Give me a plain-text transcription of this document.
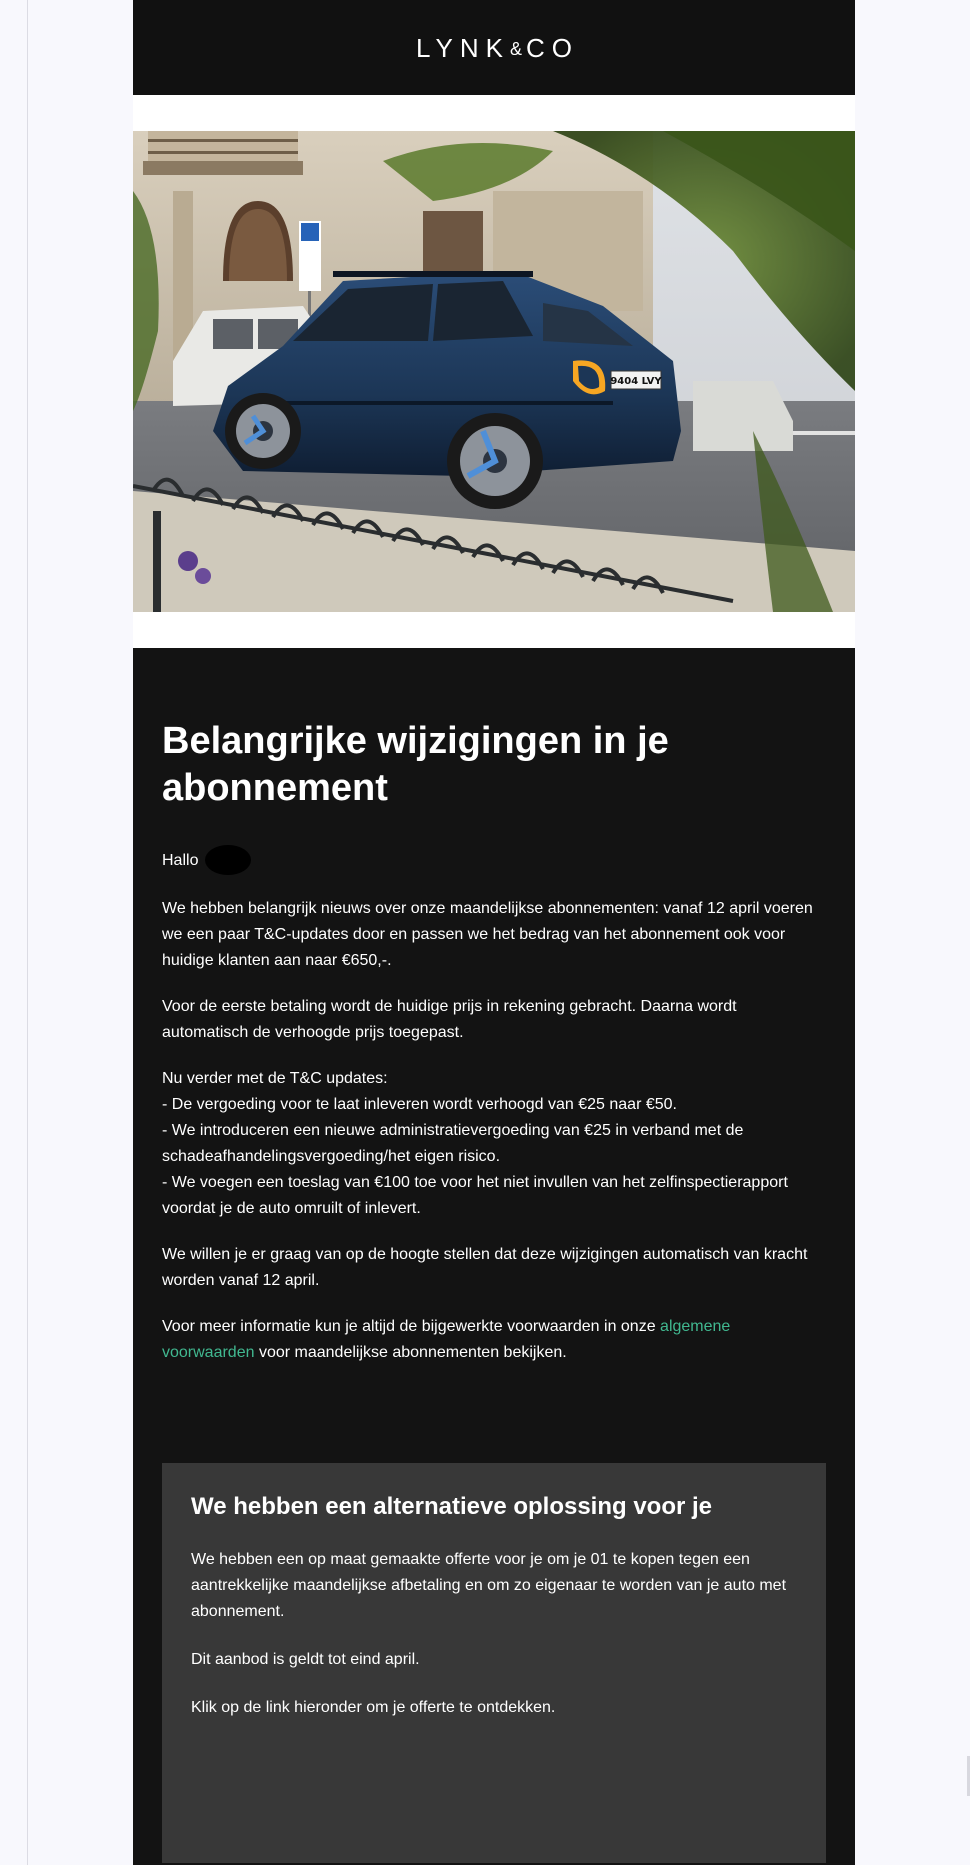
LYNK&CO
9404 LVY
Belangrijke wijzigingen in je abonnement

Hallo

We hebben belangrijk nieuws over onze maandelijkse abonnementen: vanaf 12 april voeren we een paar T&C-updates door en passen we het bedrag van het abonnement ook voor huidige klanten aan naar €650,-.

Voor de eerste betaling wordt de huidige prijs in rekening gebracht. Daarna wordt automatisch de verhoogde prijs toegepast.

Nu verder met de T&C updates:
- De vergoeding voor te laat inleveren wordt verhoogd van €25 naar €50.
- We introduceren een nieuwe administratievergoeding van €25 in verband met de schadeafhandelingsvergoeding/het eigen risico.
- We voegen een toeslag van €100 toe voor het niet invullen van het zelfinspectierapport voordat je de auto omruilt of inlevert.

We willen je er graag van op de hoogte stellen dat deze wijzigingen automatisch van kracht worden vanaf 12 april.

Voor meer informatie kun je altijd de bijgewerkte voorwaarden in onze algemene voorwaarden voor maandelijkse abonnementen bekijken.

We hebben een alternatieve oplossing voor je

We hebben een op maat gemaakte offerte voor je om je 01 te kopen tegen een aantrekkelijke maandelijkse afbetaling en om zo eigenaar te worden van je auto met abonnement.

Dit aanbod is geldt tot eind april.

Klik op de link hieronder om je offerte te ontdekken.
